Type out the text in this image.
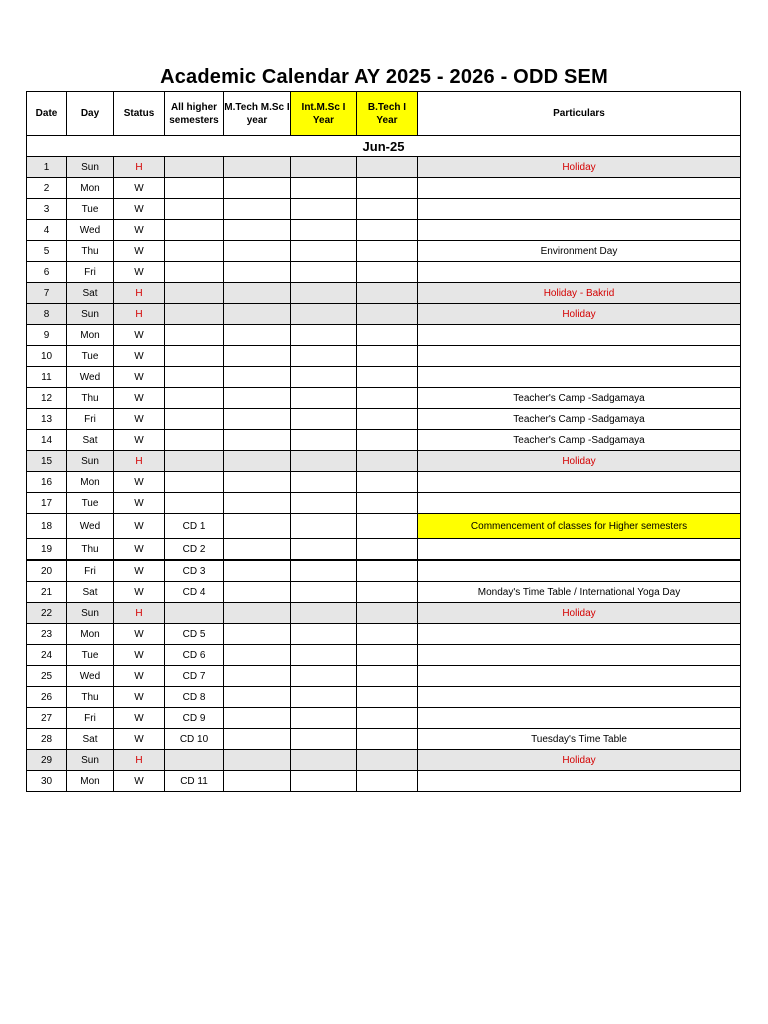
Academic Calendar AY 2025 - 2026 - ODD SEM
Date	Day	Status	All higher semesters	M.Tech M.Sc I year	Int.M.Sc I Year	B.Tech I Year	Particulars
Jun-25							
1	Sun	H					Holiday
2	Mon	W					
3	Tue	W					
4	Wed	W					
5	Thu	W					Environment Day
6	Fri	W					
7	Sat	H					Holiday - Bakrid
8	Sun	H					Holiday
9	Mon	W					
10	Tue	W					
11	Wed	W					
12	Thu	W					Teacher's Camp -Sadgamaya
13	Fri	W					Teacher's Camp -Sadgamaya
14	Sat	W					Teacher's Camp -Sadgamaya
15	Sun	H					Holiday
16	Mon	W					
17	Tue	W					
18	Wed	W	CD 1				Commencement of classes for Higher semesters
19	Thu	W	CD 2				
20	Fri	W	CD 3				
21	Sat	W	CD 4				Monday's Time Table / International Yoga Day
22	Sun	H					Holiday
23	Mon	W	CD 5				
24	Tue	W	CD 6				
25	Wed	W	CD 7				
26	Thu	W	CD 8				
27	Fri	W	CD 9				
28	Sat	W	CD 10				Tuesday's Time Table
29	Sun	H					Holiday
30	Mon	W	CD 11				
